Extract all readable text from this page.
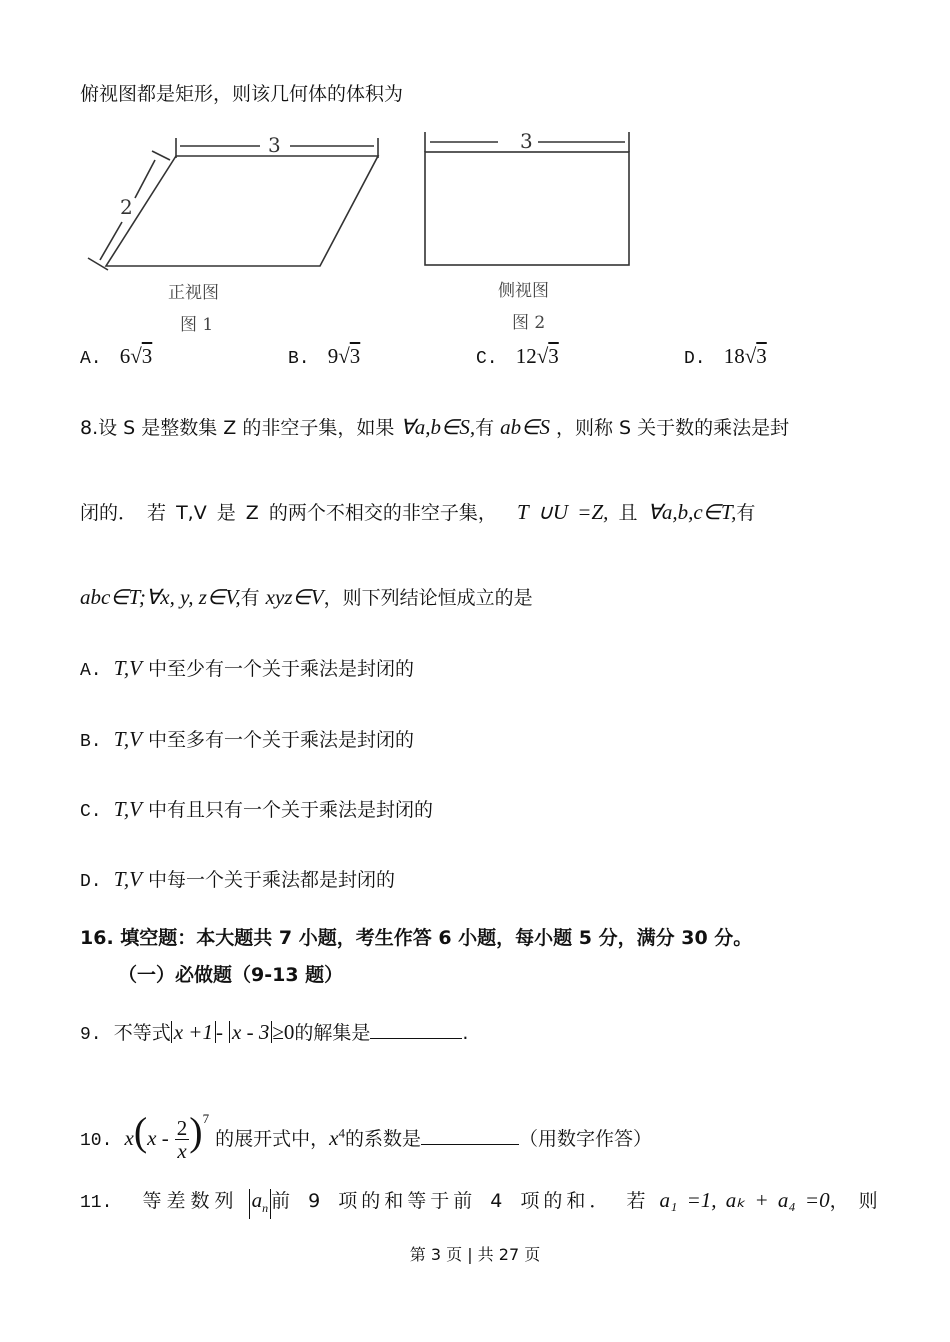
俯视图都是矩形，则该几何体的体积为
3
2
正视图
图 1
3
侧视图
图 2
A. 6√3	B. 9√3	C. 12√3	D. 18√3
8.设 S 是整数集 Z 的非空子集，如果 ∀a,b∈S,有 ab∈S ，则称 S 关于数的乘法是封
闭的． 若 T,V 是 Z 的两个不相交的非空子集， T ∪U =Z, 且 ∀a,b,c∈T,有
abc∈T;∀x, y, z∈V,有 xyz∈V，则下列结论恒成立的是
A. T,V 中至少有一个关于乘法是封闭的
B. T,V 中至多有一个关于乘法是封闭的
C. T,V 中有且只有一个关于乘法是封闭的
D. T,V 中每一个关于乘法都是封闭的
16. 填空题：本大题共 7 小题，考生作答 6 小题，每小题 5 分，满分 30 分。
（一）必做题（9-13 题）
9. 不等式 x +1 - x - 3 ≥0的解集是	.
10. $x(x - \frac{2}{x} )^7$ 的展开式中，$x^4$的系数是	（用数字作答）
11. 等差数列 $a_n$ 前 9 项的和等于前 4 项的和． 若 a₁ =1, aₖ + a₄ =0， 则
第 3 页 | 共 27 页
